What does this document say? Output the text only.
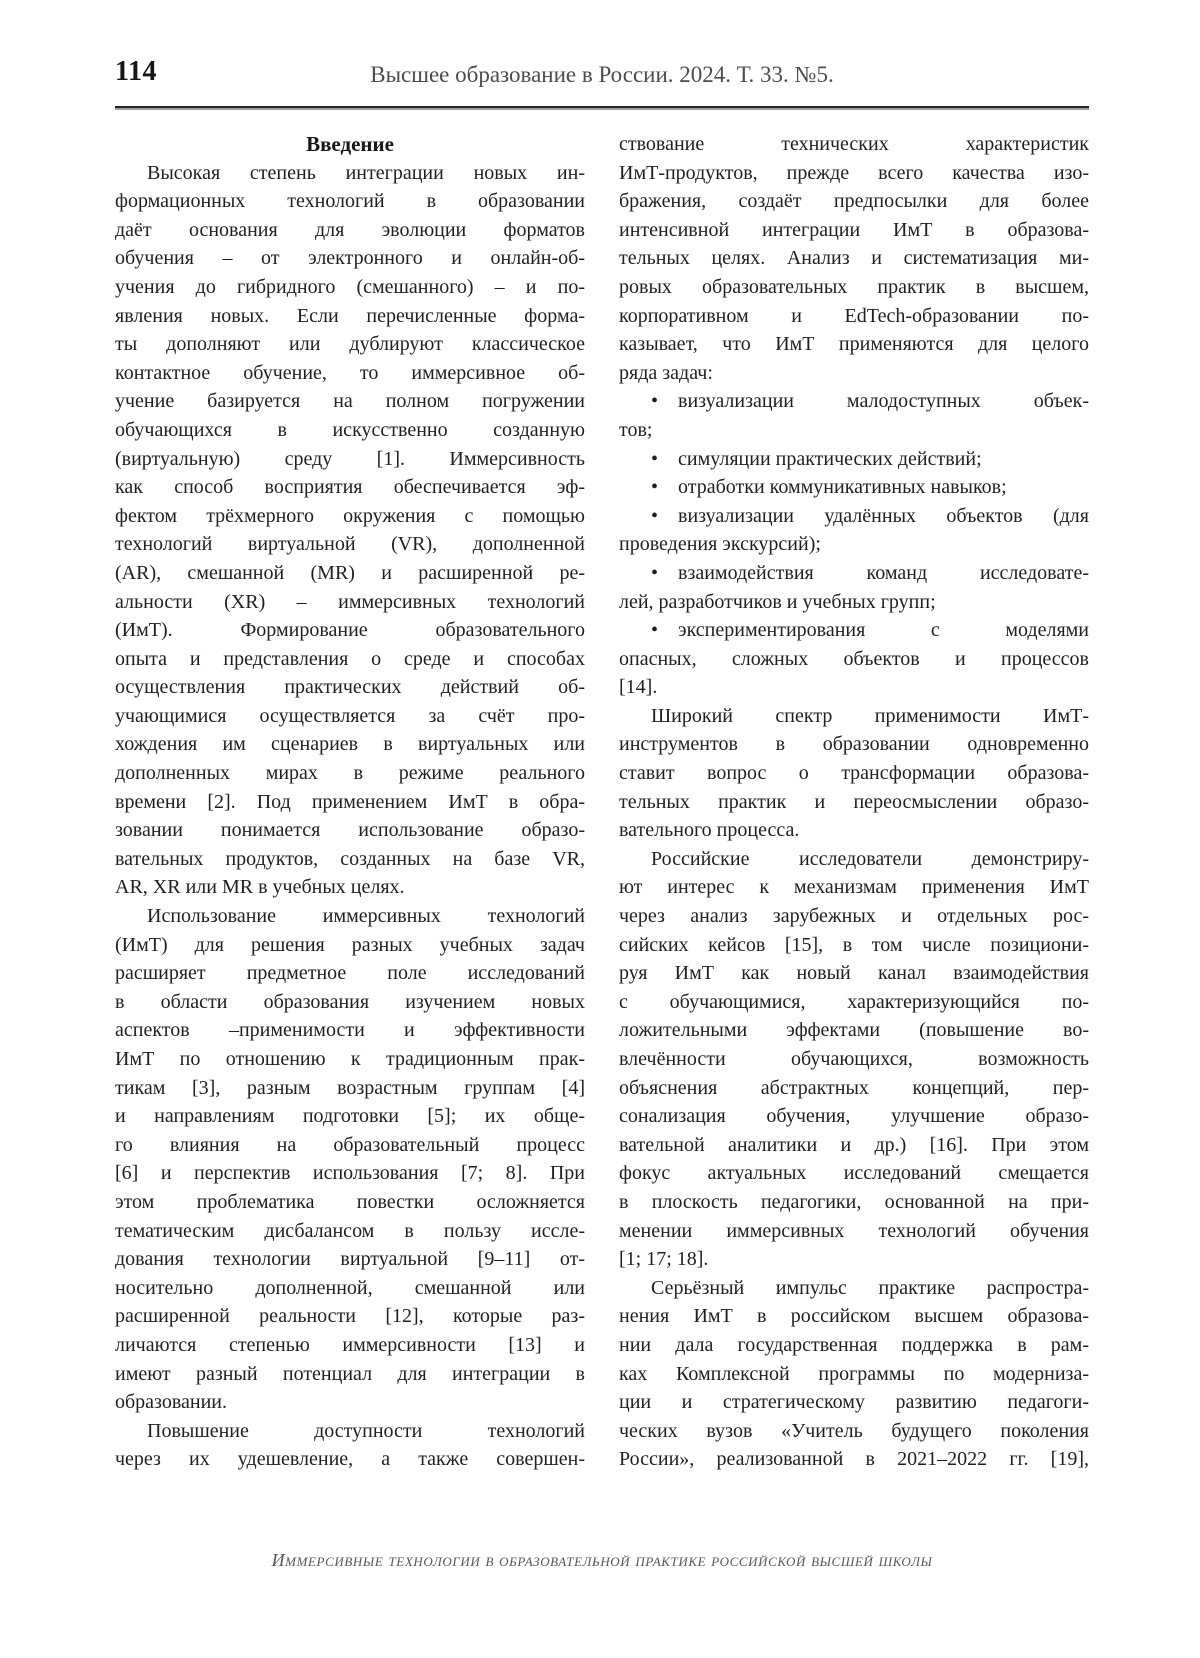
114	Высшее образование в России. 2024. Т. 33. №5.
Введение
Высокая степень интеграции новых ин-
формационных технологий в образовании
даёт основания для эволюции форматов
обучения – от электронного и онлайн-об-
учения до гибридного (смешанного) – и по-
явления новых. Если перечисленные форма-
ты дополняют или дублируют классическое
контактное обучение, то иммерсивное об-
учение базируется на полном погружении
обучающихся в искусственно созданную
(виртуальную) среду [1]. Иммерсивность
как способ восприятия обеспечивается эф-
фектом трёхмерного окружения с помощью
технологий виртуальной (VR), дополненной
(AR), смешанной (MR) и расширенной ре-
альности (XR) – иммерсивных технологий
(ИмТ). Формирование образовательного
опыта и представления о среде и способах
осуществления практических действий об-
учающимися осуществляется за счёт про-
хождения им сценариев в виртуальных или
дополненных мирах в режиме реального
времени [2]. Под применением ИмТ в обра-
зовании понимается использование образо-
вательных продуктов, созданных на базе VR,
AR, XR или MR в учебных целях.
Использование иммерсивных технологий
(ИмТ) для решения разных учебных задач
расширяет предметное поле исследований
в области образования изучением новых
аспектов –применимости и эффективности
ИмТ по отношению к традиционным прак-
тикам [3], разным возрастным группам [4]
и направлениям подготовки [5]; их обще-
го влияния на образовательный процесс
[6] и перспектив использования [7; 8]. При
этом проблематика повестки осложняется
тематическим дисбалансом в пользу иссле-
дования технологии виртуальной [9–11] от-
носительно дополненной, смешанной или
расширенной реальности [12], которые раз-
личаются степенью иммерсивности [13] и
имеют разный потенциал для интеграции в
образовании.
Повышение доступности технологий
через их удешевление, а также совершен-
ствование технических характеристик
ИмТ-продуктов, прежде всего качества изо-
бражения, создаёт предпосылки для более
интенсивной интеграции ИмТ в образова-
тельных целях. Анализ и систематизация ми-
ровых образовательных практик в высшем,
корпоративном и EdTech-образовании по-
казывает, что ИмТ применяются для целого
ряда задач:
•  визуализации малодоступных объек-
тов;
•  симуляции практических действий;
•  отработки коммуникативных навыков;
•  визуализации удалённых объектов (для
проведения экскурсий);
•  взаимодействия команд исследовате-
лей, разработчиков и учебных групп;
•  экспериментирования с моделями
опасных, сложных объектов и процессов
[14].
Широкий спектр применимости ИмТ-
инструментов в образовании одновременно
ставит вопрос о трансформации образова-
тельных практик и переосмыслении образо-
вательного процесса.
Российские исследователи демонстриру-
ют интерес к механизмам применения ИмТ
через анализ зарубежных и отдельных рос-
сийских кейсов [15], в том числе позициони-
руя ИмТ как новый канал взаимодействия
с обучающимися, характеризующийся по-
ложительными эффектами (повышение во-
влечённости обучающихся, возможность
объяснения абстрактных концепций, пер-
сонализация обучения, улучшение образо-
вательной аналитики и др.) [16]. При этом
фокус актуальных исследований смещается
в плоскость педагогики, основанной на при-
менении иммерсивных технологий обучения
[1; 17; 18].
Серьёзный импульс практике распростра-
нения ИмТ в российском высшем образова-
нии дала государственная поддержка в рам-
ках Комплексной программы по модерниза-
ции и стратегическому развитию педагоги-
ческих вузов «Учитель будущего поколения
России», реализованной в 2021–2022 гг. [19],
Иммерсивные технологии в образовательной практике российской высшей школы
